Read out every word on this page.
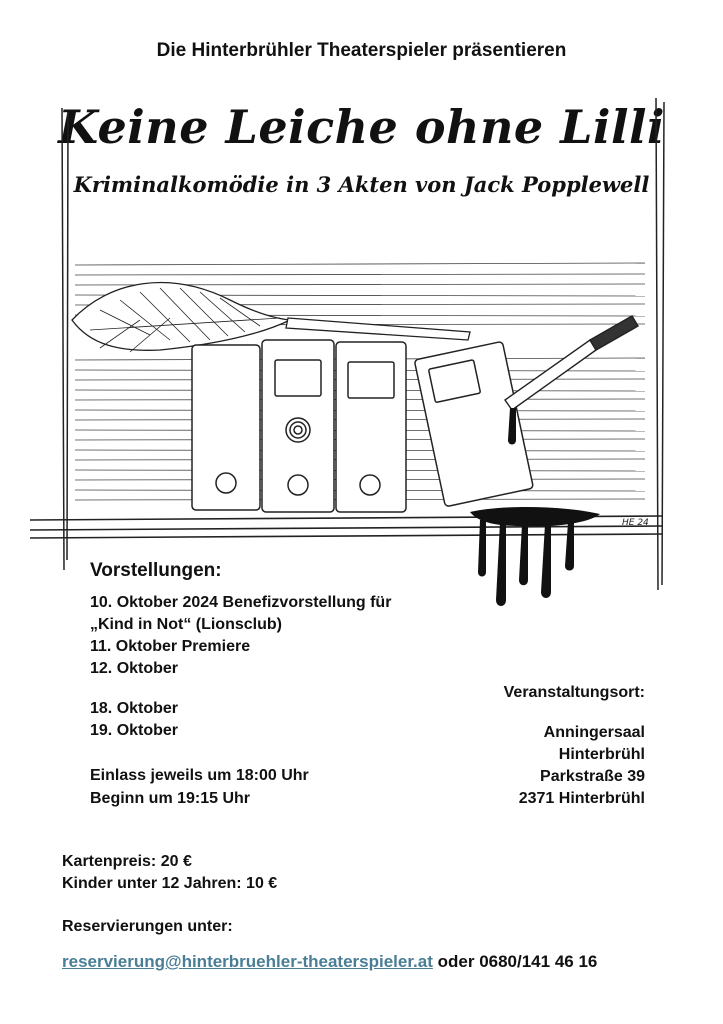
Die Hinterbrühler Theaterspieler präsentieren
Keine Leiche ohne Lilli
Kriminalkomödie in 3 Akten von Jack Popplewell
HE 24
Vorstellungen:
10. Oktober 2024 Benefizvorstellung für
„Kind in Not“ (Lionsclub)
11. Oktober Premiere
12. Oktober
18. Oktober
19. Oktober
Einlass jeweils um 18:00 Uhr
Beginn um 19:15 Uhr
Veranstaltungsort:
Anningersaal
Hinterbrühl
Parkstraße 39
2371 Hinterbrühl
Kartenpreis: 20 €
Kinder unter 12 Jahren: 10 €
Reservierungen unter:
reservierung@hinterbruehler-theaterspieler.at oder 0680/141 46 16
